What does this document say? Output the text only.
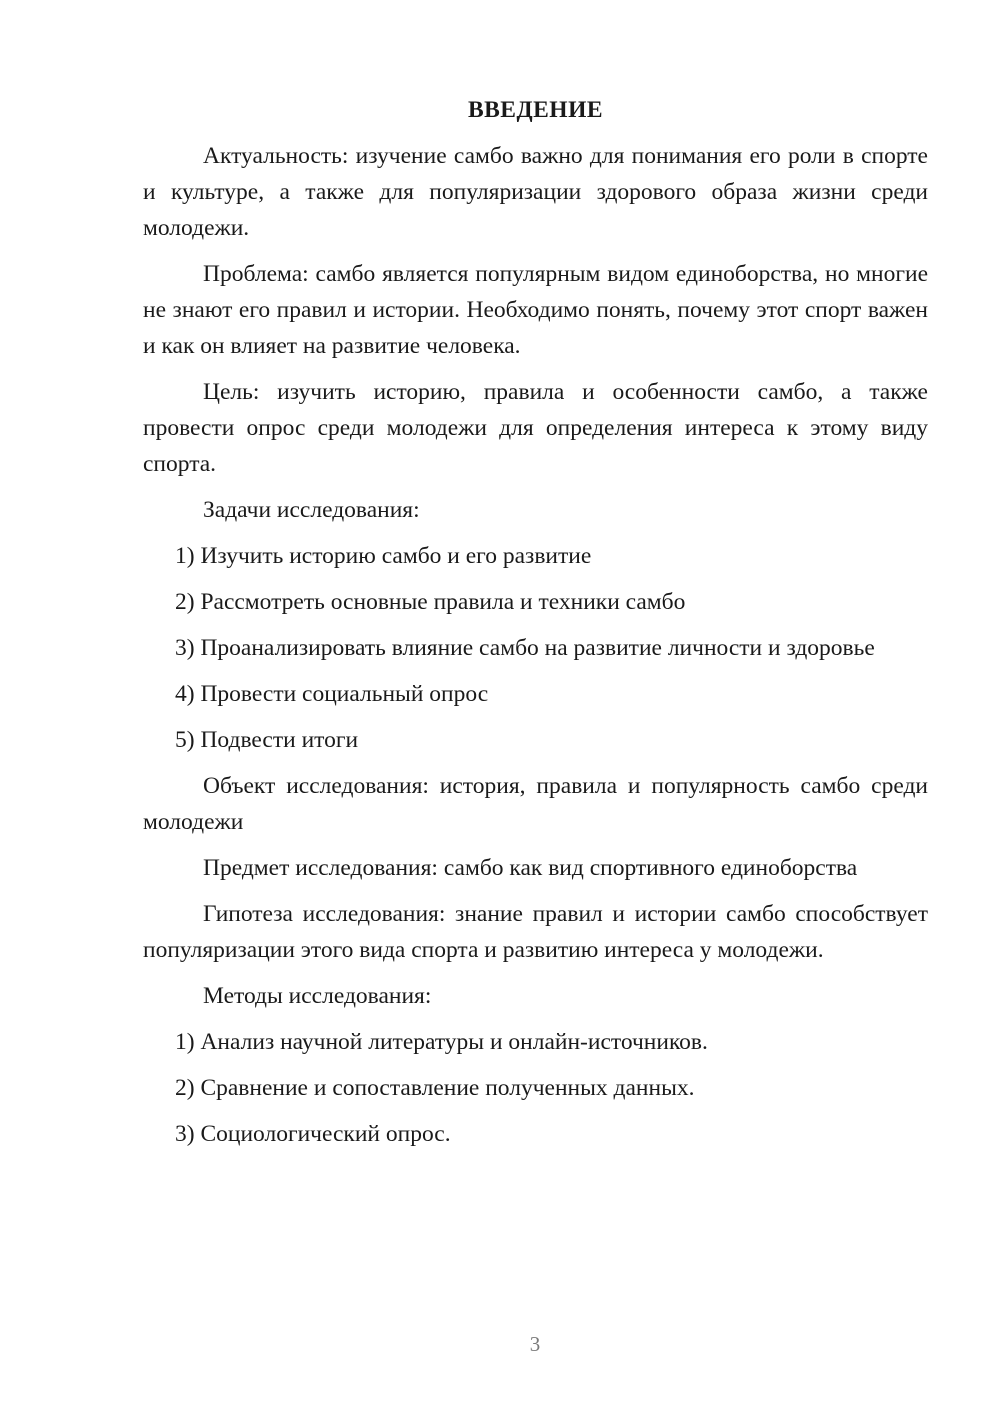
ВВЕДЕНИЕ

Актуальность: изучение самбо важно для понимания его роли в спорте и культуре, а также для популяризации здорового образа жизни среди молодежи.

Проблема: самбо является популярным видом единоборства, но многие не знают его правил и истории. Необходимо понять, почему этот спорт важен и как он влияет на развитие человека.

Цель: изучить историю, правила и особенности самбо, а также провести опрос среди молодежи для определения интереса к этому виду спорта.

Задачи исследования:

1) Изучить историю самбо и его развитие
2) Рассмотреть основные правила и техники самбо
3) Проанализировать влияние самбо на развитие личности и здоровье
4) Провести социальный опрос
5) Подвести итоги

Объект исследования: история, правила и популярность самбо среди молодежи

Предмет исследования: самбо как вид спортивного единоборства

Гипотеза исследования: знание правил и истории самбо способствует популяризации этого вида спорта и развитию интереса у молодежи.

Методы исследования:

1) Анализ научной литературы и онлайн-источников.
2) Сравнение и сопоставление полученных данных.
3) Социологический опрос.
3
